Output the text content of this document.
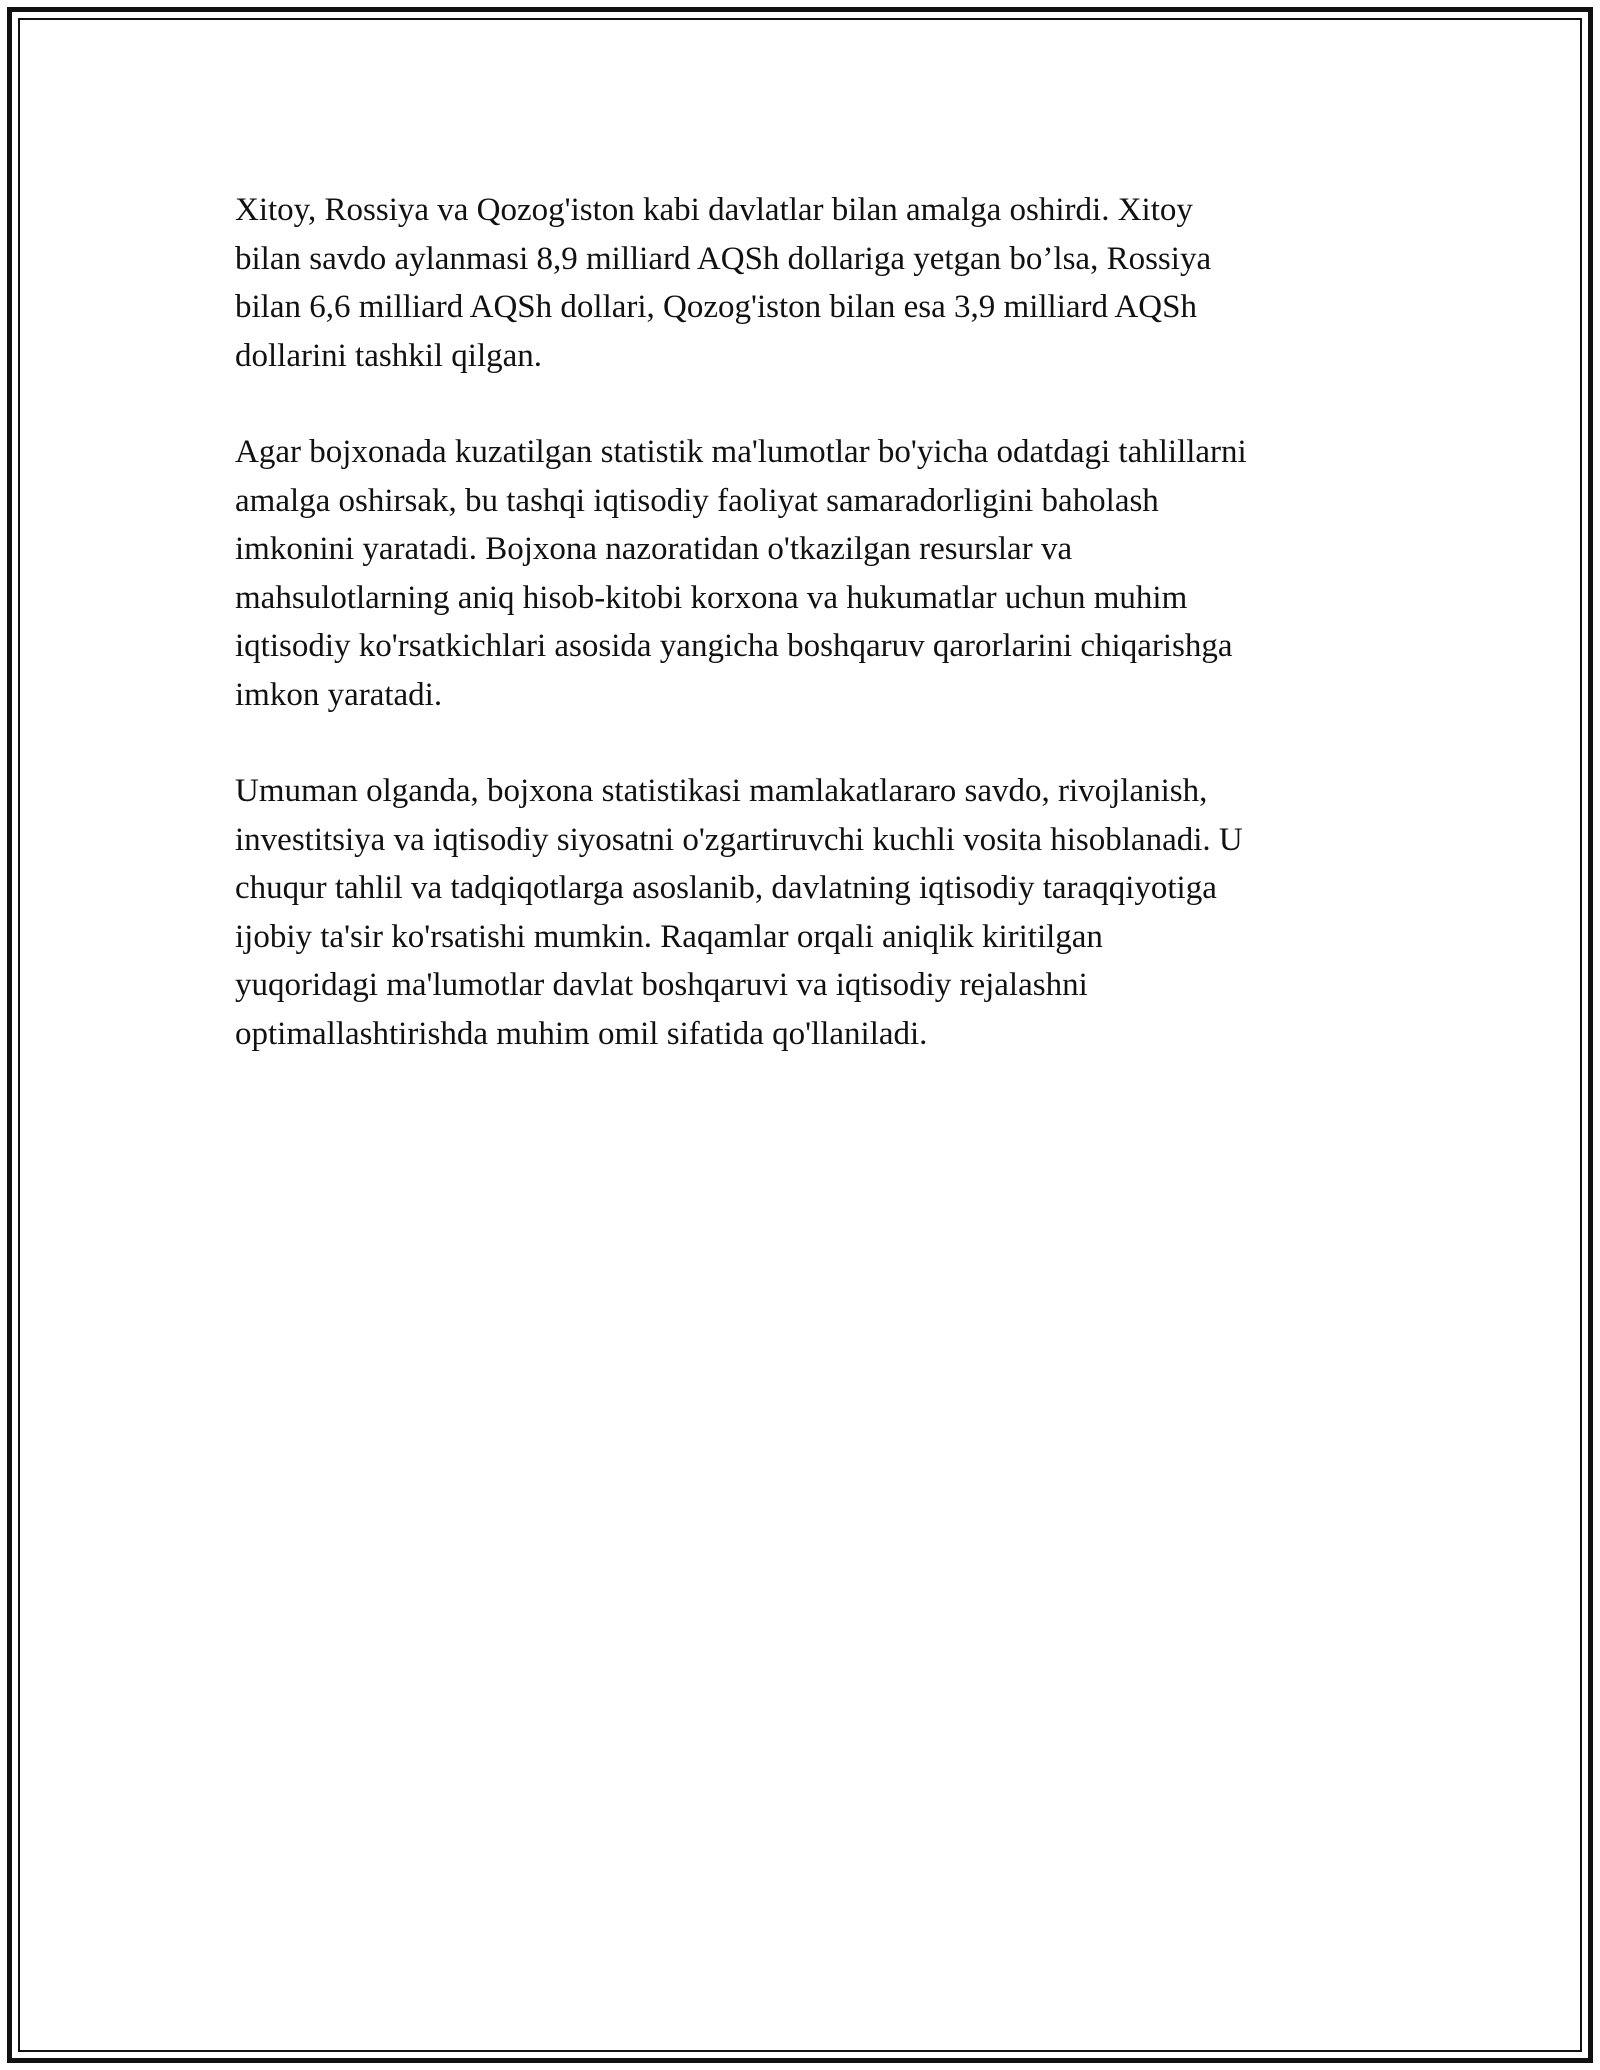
Xitoy, Rossiya va Qozog'iston kabi davlatlar bilan amalga oshirdi. Xitoy
bilan savdo aylanmasi 8,9 milliard AQSh dollariga yetgan bo’lsa, Rossiya
bilan 6,6 milliard AQSh dollari, Qozog'iston bilan esa 3,9 milliard AQSh
dollarini tashkil qilgan.

Agar bojxonada kuzatilgan statistik ma'lumotlar bo'yicha odatdagi tahlillarni
amalga oshirsak, bu tashqi iqtisodiy faoliyat samaradorligini baholash
imkonini yaratadi. Bojxona nazoratidan o'tkazilgan resurslar va
mahsulotlarning aniq hisob-kitobi korxona va hukumatlar uchun muhim
iqtisodiy ko'rsatkichlari asosida yangicha boshqaruv qarorlarini chiqarishga
imkon yaratadi.

Umuman olganda, bojxona statistikasi mamlakatlararo savdo, rivojlanish,
investitsiya va iqtisodiy siyosatni o'zgartiruvchi kuchli vosita hisoblanadi. U
chuqur tahlil va tadqiqotlarga asoslanib, davlatning iqtisodiy taraqqiyotiga
ijobiy ta'sir ko'rsatishi mumkin. Raqamlar orqali aniqlik kiritilgan
yuqoridagi ma'lumotlar davlat boshqaruvi va iqtisodiy rejalashni
optimallashtirishda muhim omil sifatida qo'llaniladi.
